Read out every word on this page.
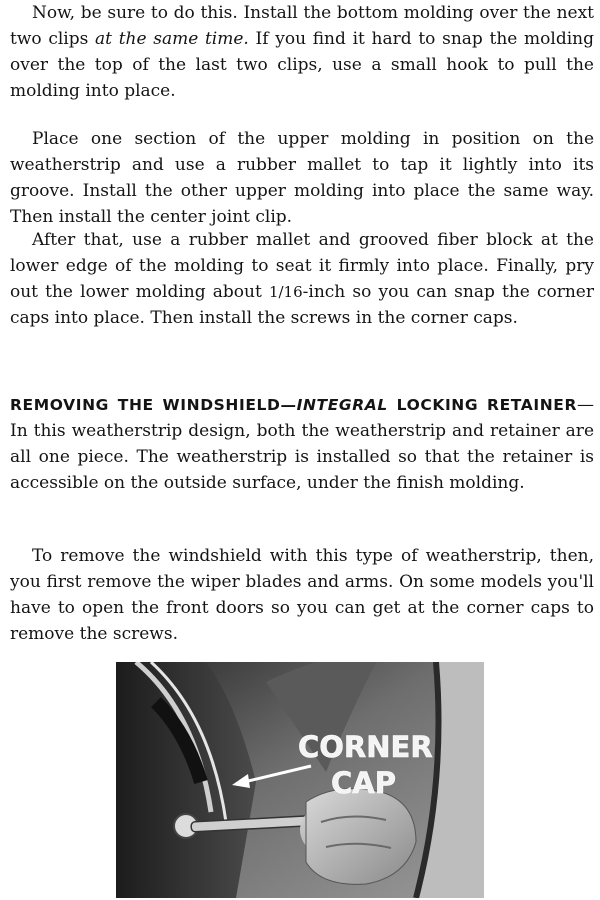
Now, be sure to do this. Install the bottom molding over the next two clips at the same time. If you find it hard to snap the molding over the top of the last two clips, use a small hook to pull the molding into place.

Place one section of the upper molding in position on the weatherstrip and use a rubber mallet to tap it lightly into its groove. Install the other upper molding into place the same way. Then install the center joint clip.

After that, use a rubber mallet and grooved fiber block at the lower edge of the molding to seat it firmly into place. Finally, pry out the lower molding about 1/16-inch so you can snap the corner caps into place. Then install the screws in the corner caps.

REMOVING THE WINDSHIELD—INTEGRAL LOCKING RETAINER—In this weatherstrip design, both the weatherstrip and retainer are all one piece. The weatherstrip is installed so that the retainer is accessible on the outside surface, under the finish molding.

To remove the windshield with this type of weatherstrip, then, you first remove the wiper blades and arms. On some models you'll have to open the front doors so you can get at the corner caps to remove the screws.

CORNER
CAP
